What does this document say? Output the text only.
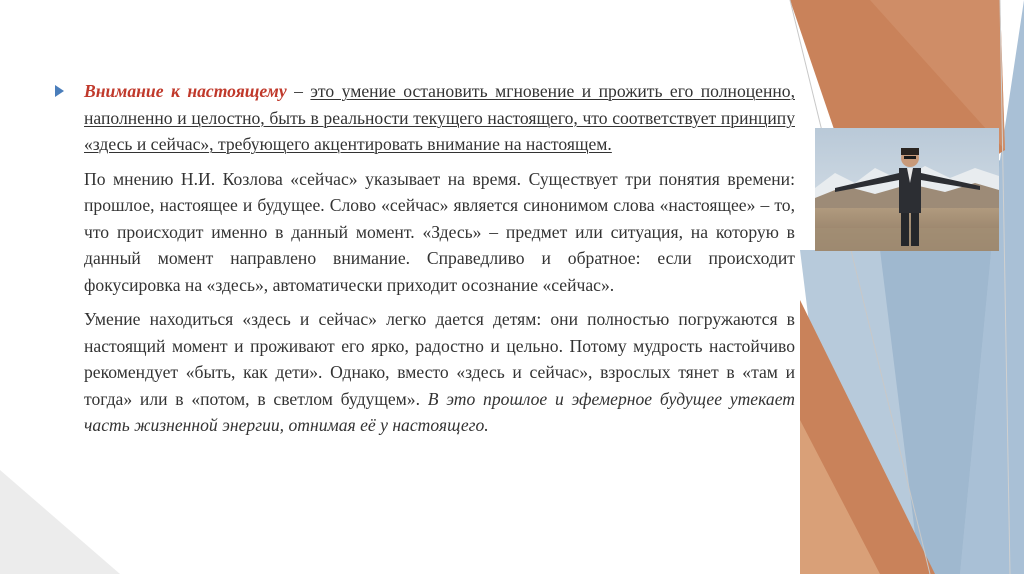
Внимание к настоящему – это умение остановить мгновение и прожить его полноценно, наполненно и целостно, быть в реальности текущего настоящего, что соответствует принципу «здесь и сейчас», требующего акцентировать внимание на настоящем.

По мнению Н.И. Козлова «сейчас» указывает на время. Существует три понятия времени: прошлое, настоящее и будущее. Слово «сейчас» является синонимом слова «настоящее» – то, что происходит именно в данный момент. «Здесь» – предмет или ситуация, на которую в данный момент направлено внимание. Справедливо и обратное: если происходит фокусировка на «здесь», автоматически приходит осознание «сейчас».

Умение находиться «здесь и сейчас» легко дается детям: они полностью погружаются в настоящий момент и проживают его ярко, радостно и цельно. Потому мудрость настойчиво рекомендует «быть, как дети». Однако, вместо «здесь и сейчас», взрослых тянет в «там и тогда» или в «потом, в светлом будущем». В это прошлое и эфемерное будущее утекает часть жизненной энергии, отнимая её у настоящего.
